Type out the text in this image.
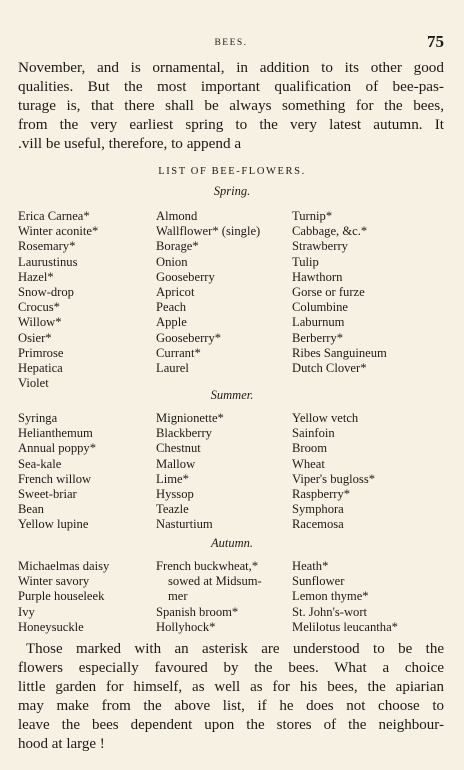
BEES.	75
November, and is ornamental, in addition to its other good
qualities. But the most important qualification of bee-pas-
turage is, that there shall be always something for the bees,
from the very earliest spring to the very latest autumn. It
.vill be useful, therefore, to append a
LIST OF BEE-FLOWERS.
Spring.
Erica Carnea*
Winter aconite*
Rosemary*
Laurustinus
Hazel*
Snow-drop
Crocus*
Willow*
Osier*
Primrose
Hepatica
Violet
Almond
Wallflower* (single)
Borage*
Onion
Gooseberry
Apricot
Peach
Apple
Gooseberry*
Currant*
Laurel
Turnip*
Cabbage, &c.*
Strawberry
Tulip
Hawthorn
Gorse or furze
Columbine
Laburnum
Berberry*
Ribes Sanguineum
Dutch Clover*
Summer.
Syringa
Helianthemum
Annual poppy*
Sea-kale
French willow
Sweet-briar
Bean
Yellow lupine
Mignionette*
Blackberry
Chestnut
Mallow
Lime*
Hyssop
Teazle
Nasturtium
Yellow vetch
Sainfoin
Broom
Wheat
Viper's bugloss*
Raspberry*
Symphora
Racemosa
Autumn.
Michaelmas daisy
Winter savory
Purple houseleek
Ivy
Honeysuckle
French buckwheat,*
sowed at Midsum-
mer
Spanish broom*
Hollyhock*
Heath*
Sunflower
Lemon thyme*
St. John's-wort
Melilotus leucantha*
Those marked with an asterisk are understood to be the
flowers especially favoured by the bees. What a choice
little garden for himself, as well as for his bees, the apiarian
may make from the above list, if he does not choose to
leave the bees dependent upon the stores of the neighbour-
hood at large !
